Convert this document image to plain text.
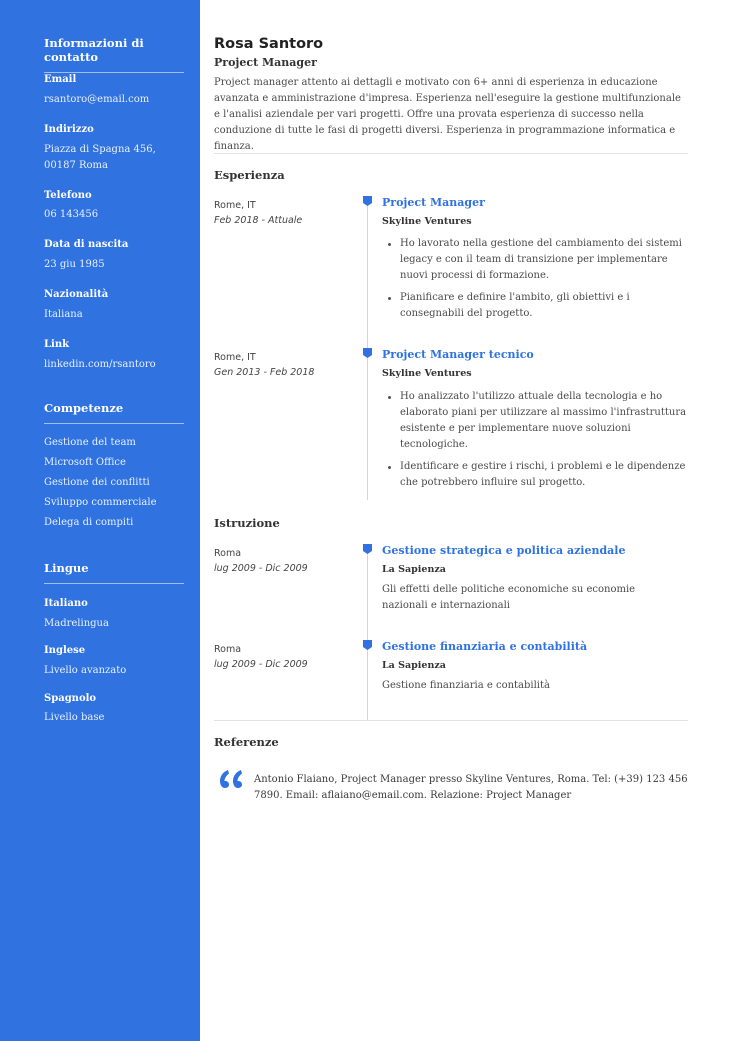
Informazioni di contatto
Email
rsantoro@email.com
Indirizzo
Piazza di Spagna 456, 00187 Roma
Telefono
06 143456
Data di nascita
23 giu 1985
Nazionalità
Italiana
Link
linkedin.com/rsantoro
Competenze
Gestione del team
Microsoft Office
Gestione dei conflitti
Sviluppo commerciale
Delega di compiti
Lingue
Italiano
Madrelingua
Inglese
Livello avanzato
Spagnolo
Livello base
Rosa Santoro
Project Manager

Project manager attento ai dettagli e motivato con 6+ anni di esperienza in educazione avanzata e amministrazione d'impresa. Esperienza nell'eseguire la gestione multifunzionale e l'analisi aziendale per vari progetti. Offre una provata esperienza di successo nella conduzione di tutte le fasi di progetti diversi. Esperienza in programmazione informatica e finanza.

Esperienza
Rome, IT
Feb 2018 - Attuale
Project Manager
Skyline Ventures
Ho lavorato nella gestione del cambiamento dei sistemi legacy e con il team di transizione per implementare nuovi processi di formazione.
Pianificare e definire l'ambito, gli obiettivi e i consegnabili del progetto.
Rome, IT
Gen 2013 - Feb 2018
Project Manager tecnico
Skyline Ventures
Ho analizzato l'utilizzo attuale della tecnologia e ho elaborato piani per utilizzare al massimo l'infrastruttura esistente e per implementare nuove soluzioni tecnologiche.
Identificare e gestire i rischi, i problemi e le dipendenze che potrebbero influire sul progetto.
Istruzione
Roma
lug 2009 - Dic 2009
Gestione strategica e politica aziendale
La Sapienza

Gli effetti delle politiche economiche su economie nazionali e internazionali

Roma
lug 2009 - Dic 2009
Gestione finanziaria e contabilità
La Sapienza

Gestione finanziaria e contabilità

Referenze

Antonio Flaiano, Project Manager presso Skyline Ventures, Roma. Tel: (+39) 123 456 7890. Email: aflaiano@email.com. Relazione: Project Manager
